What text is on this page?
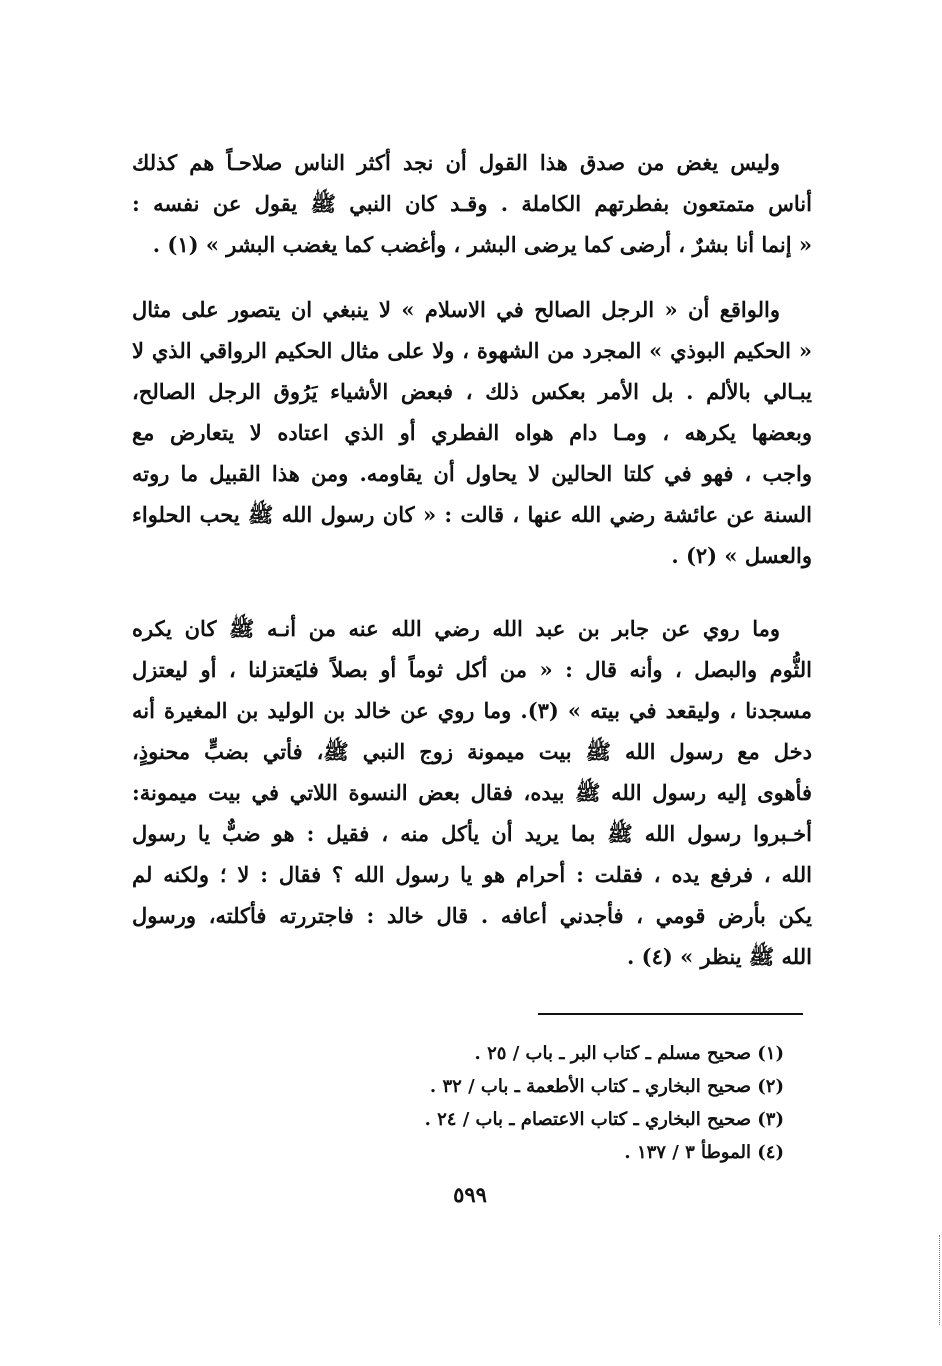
وليس يغض من صدق هذا القول أن نجد أكثر الناس صلاحـاً هم كذلك
أناس متمتعون بفطرتهم الكاملة . وقـد كان النبي ﷺ يقول عن نفسه :
« إنما أنا بشرٌ ، أرضى كما يرضى البشر ، وأغضب كما يغضب البشر » (١) .
والواقع أن « الرجل الصالح في الاسلام » لا ينبغي ان يتصور على مثال
« الحكيم البوذي » المجرد من الشهوة ، ولا على مثال الحكيم الرواقي الذي لا
يبـالي بالألم . بل الأمر بعكس ذلك ، فبعض الأشياء يَرُوق الرجل الصالح،
وبعضها يكرهه ، ومـا دام هواه الفطري أو الذي اعتاده لا يتعارض مع
واجب ، فهو في كلتا الحالين لا يحاول أن يقاومه. ومن هذا القبيل ما روته
السنة عن عائشة رضي الله عنها ، قالت : « كان رسول الله ﷺ يحب الحلواء
والعسل » (٢) .
وما روي عن جابر بن عبد الله رضي الله عنه من أنـه ﷺ كان يكره
الثُّوم والبصل ، وأنه قال : « من أكل ثوماً أو بصلاً فليَعتزلنا ، أو ليعتزل
مسجدنا ، وليقعد في بيته » (٣). وما روي عن خالد بن الوليد بن المغيرة أنه
دخل مع رسول الله ﷺ بيت ميمونة زوج النبي ﷺ، فأتي بضبٍّ محنوذٍ،
فأهوى إليه رسول الله ﷺ بيده، فقال بعض النسوة اللاتي في بيت ميمونة:
أخـبروا رسول الله ﷺ بما يريد أن يأكل منه ، فقيل : هو ضبٌّ يا رسول
الله ، فرفع يده ، فقلت : أحرام هو يا رسول الله ؟ فقال : لا ؛ ولكنه لم
يكن بأرض قومي ، فأجدني أعافه . قال خالد : فاجتررته فأكلته، ورسول
الله ﷺ ينظر » (٤) .
(١) صحيح مسلم ـ كتاب البر ـ باب / ٢٥ .
(٢) صحيح البخاري ـ كتاب الأطعمة ـ باب / ٣٢ .
(٣) صحيح البخاري ـ كتاب الاعتصام ـ باب / ٢٤ .
(٤) الموطأ ٣ / ١٣٧ .
٥٩٩
